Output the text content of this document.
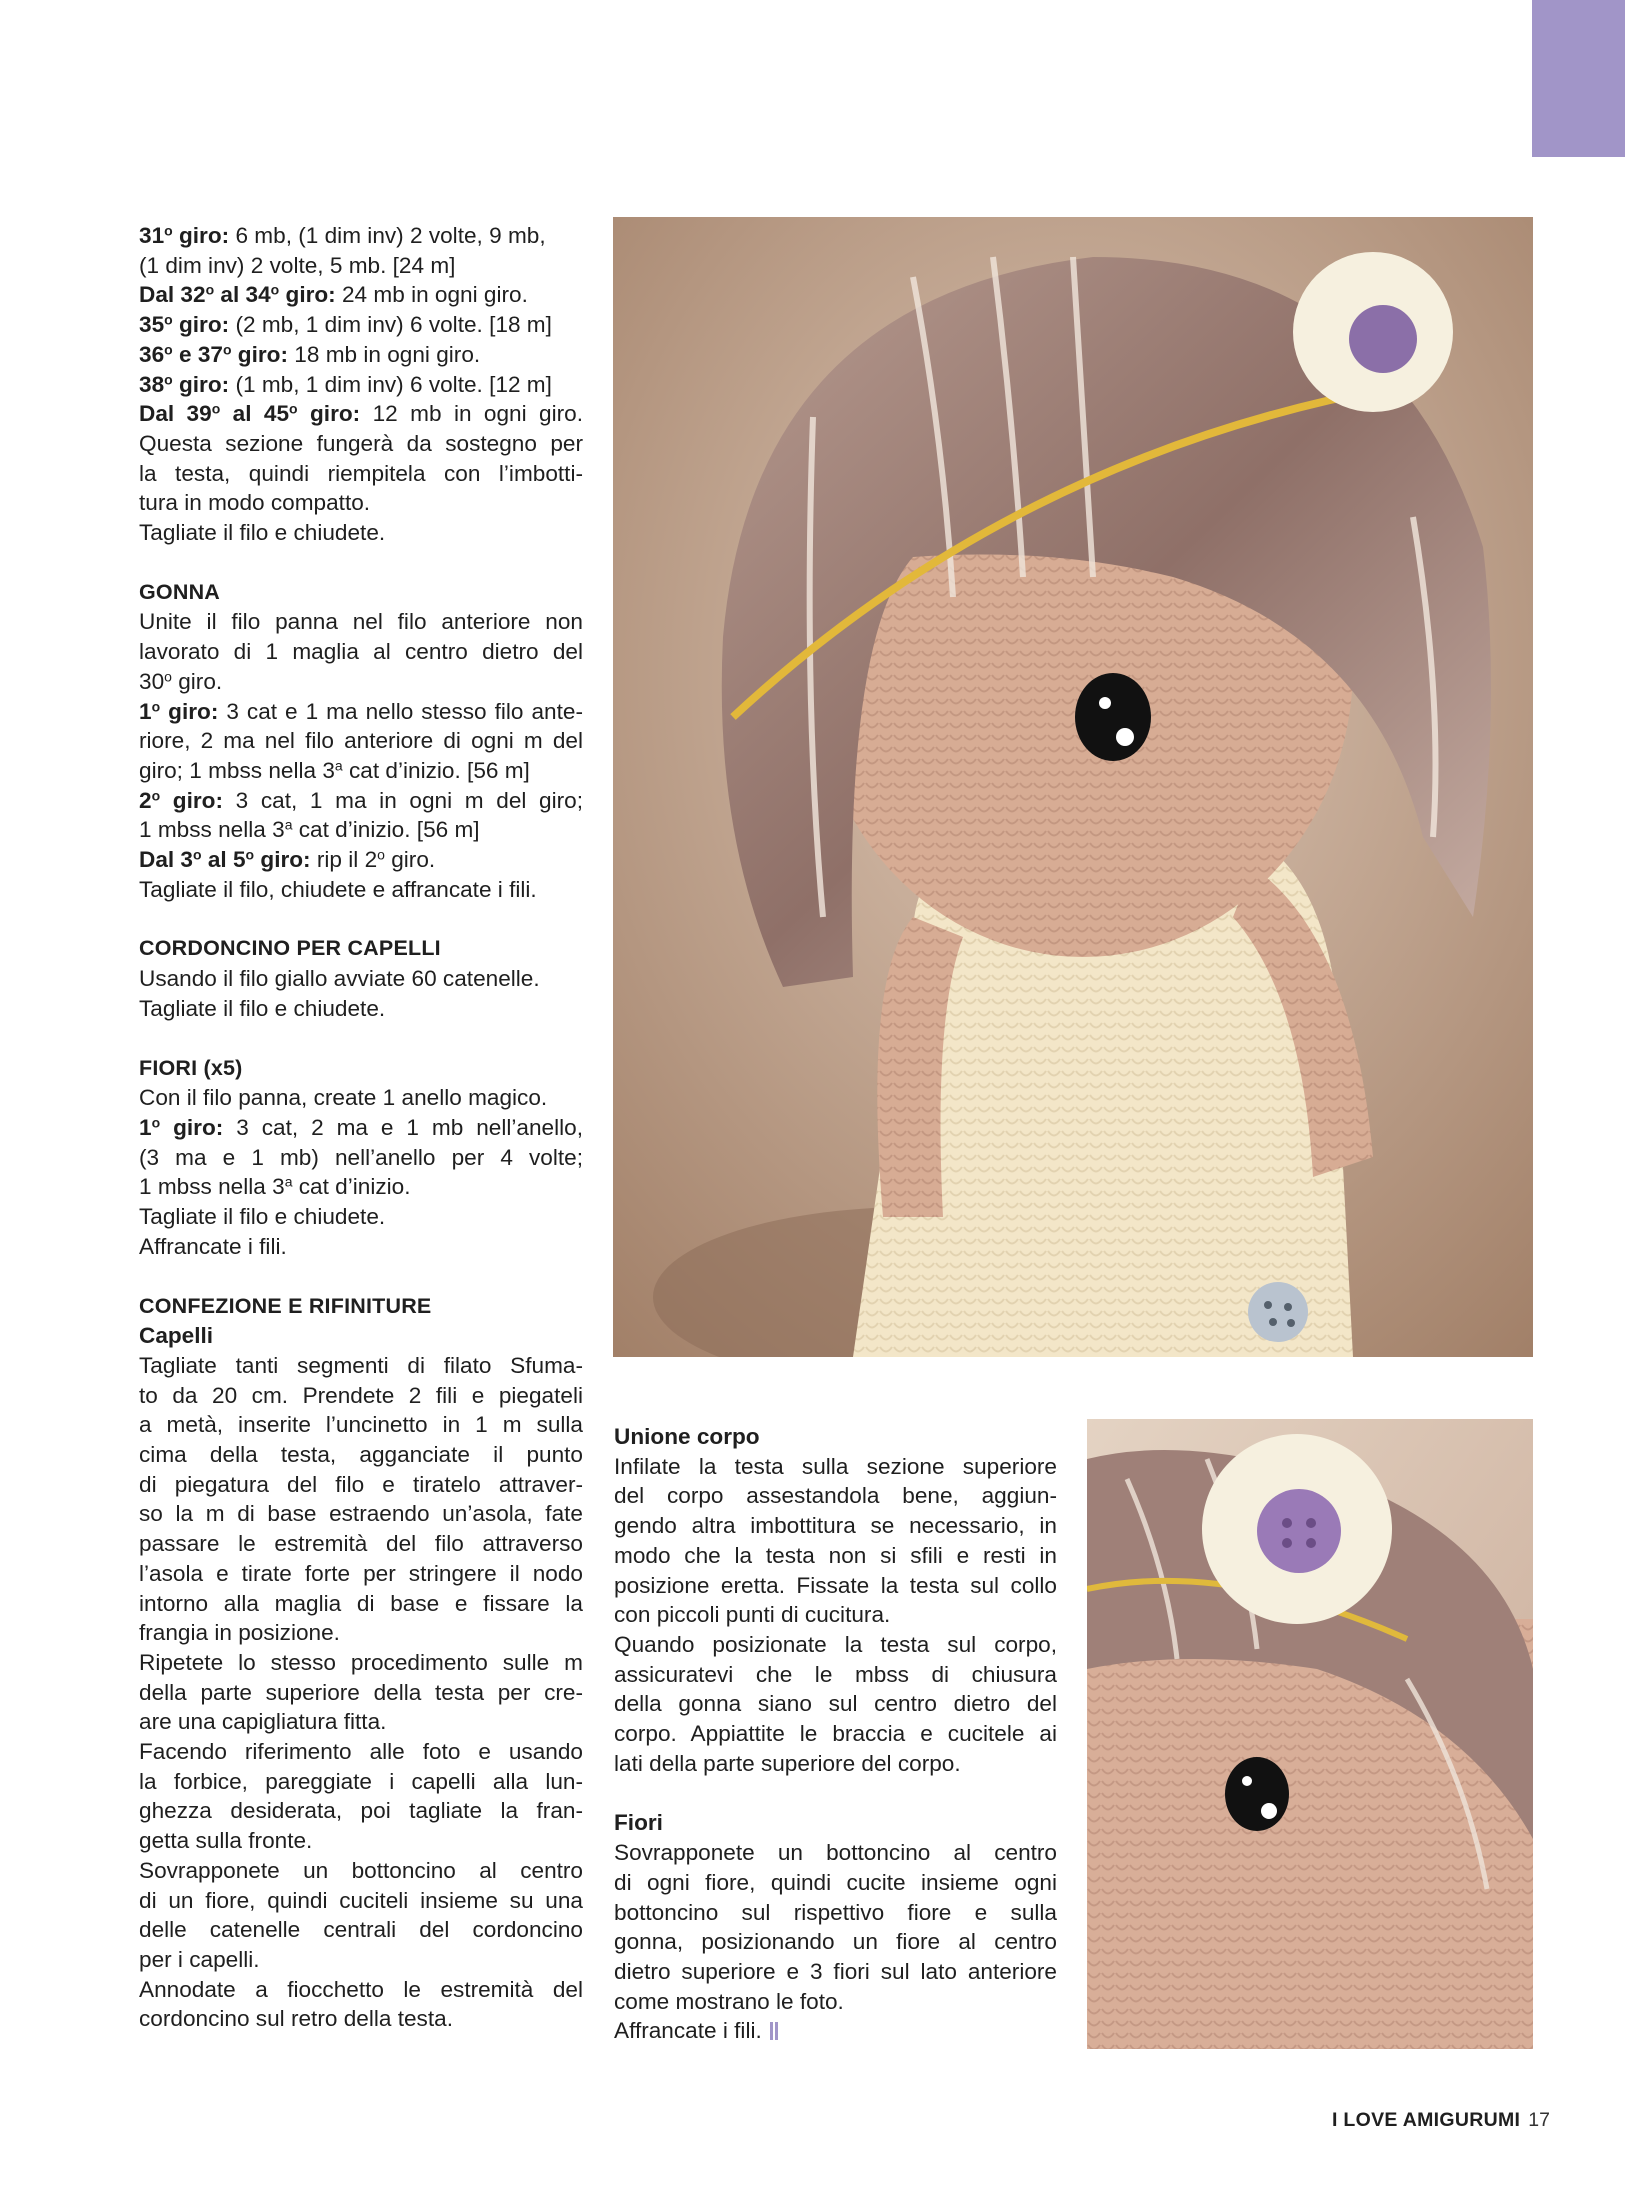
31$^o$ giro: 6 mb, (1 dim inv) 2 volte, 9 mb,
(1 dim inv) 2 volte, 5 mb. [24 m]
Dal 32$^o$ al 34$^o$ giro: 24 mb in ogni giro.
35$^o$ giro: (2 mb, 1 dim inv) 6 volte. [18 m]
36$^o$ e 37$^o$ giro: 18 mb in ogni giro.
38$^o$ giro: (1 mb, 1 dim inv) 6 volte. [12 m]
Dal 39$^o$ al 45$^o$ giro: 12 mb in ogni giro.
Questa sezione fungerà da sostegno per
la testa, quindi riempitela con l’imbotti-
tura in modo compatto.
Tagliate il filo e chiudete.
GONNA
Unite il filo panna nel filo anteriore non
lavorato di 1 maglia al centro dietro del
30$^o$ giro.
1$^o$ giro: 3 cat e 1 ma nello stesso filo ante-
riore, 2 ma nel filo anteriore di ogni m del
giro; 1 mbss nella 3$^a$ cat d’inizio. [56 m]
2$^o$ giro: 3 cat, 1 ma in ogni m del giro;
1 mbss nella 3$^a$ cat d’inizio. [56 m]
Dal 3$^o$ al 5$^o$ giro: rip il 2$^o$ giro.
Tagliate il filo, chiudete e affrancate i fili.
CORDONCINO PER CAPELLI
Usando il filo giallo avviate 60 catenelle.
Tagliate il filo e chiudete.
FIORI (x5)
Con il filo panna, create 1 anello magico.
1$^o$ giro: 3 cat, 2 ma e 1 mb nell’anello,
(3 ma e 1 mb) nell’anello per 4 volte;
1 mbss nella 3$^a$ cat d’inizio.
Tagliate il filo e chiudete.
Affrancate i fili.
CONFEZIONE E RIFINITURE
Capelli
Tagliate tanti segmenti di filato Sfuma-
to da 20 cm. Prendete 2 fili e piegateli
a metà, inserite l’uncinetto in 1 m sulla
cima della testa, agganciate il punto
di piegatura del filo e tiratelo attraver-
so la m di base estraendo un’asola, fate
passare le estremità del filo attraverso
l’asola e tirate forte per stringere il nodo
intorno alla maglia di base e fissare la
frangia in posizione.
Ripetete lo stesso procedimento sulle m
della parte superiore della testa per cre-
are una capigliatura fitta.
Facendo riferimento alle foto e usando
la forbice, pareggiate i capelli alla lun-
ghezza desiderata, poi tagliate la fran-
getta sulla fronte.
Sovrapponete un bottoncino al centro
di un fiore, quindi cuciteli insieme su una
delle catenelle centrali del cordoncino
per i capelli.
Annodate a fiocchetto le estremità del
cordoncino sul retro della testa.
Unione corpo
Infilate la testa sulla sezione superiore
del corpo assestandola bene, aggiun-
gendo altra imbottitura se necessario, in
modo che la testa non si sfili e resti in
posizione eretta. Fissate la testa sul collo
con piccoli punti di cucitura.
Quando posizionate la testa sul corpo,
assicuratevi che le mbss di chiusura
della gonna siano sul centro dietro del
corpo. Appiattite le braccia e cucitele ai
lati della parte superiore del corpo.
Fiori
Sovrapponete un bottoncino al centro
di ogni fiore, quindi cucite insieme ogni
bottoncino sul rispettivo fiore e sulla
gonna, posizionando un fiore al centro
dietro superiore e 3 fiori sul lato anteriore
come mostrano le foto.
Affrancate i fili.
I LOVE AMIGURUMI 17
